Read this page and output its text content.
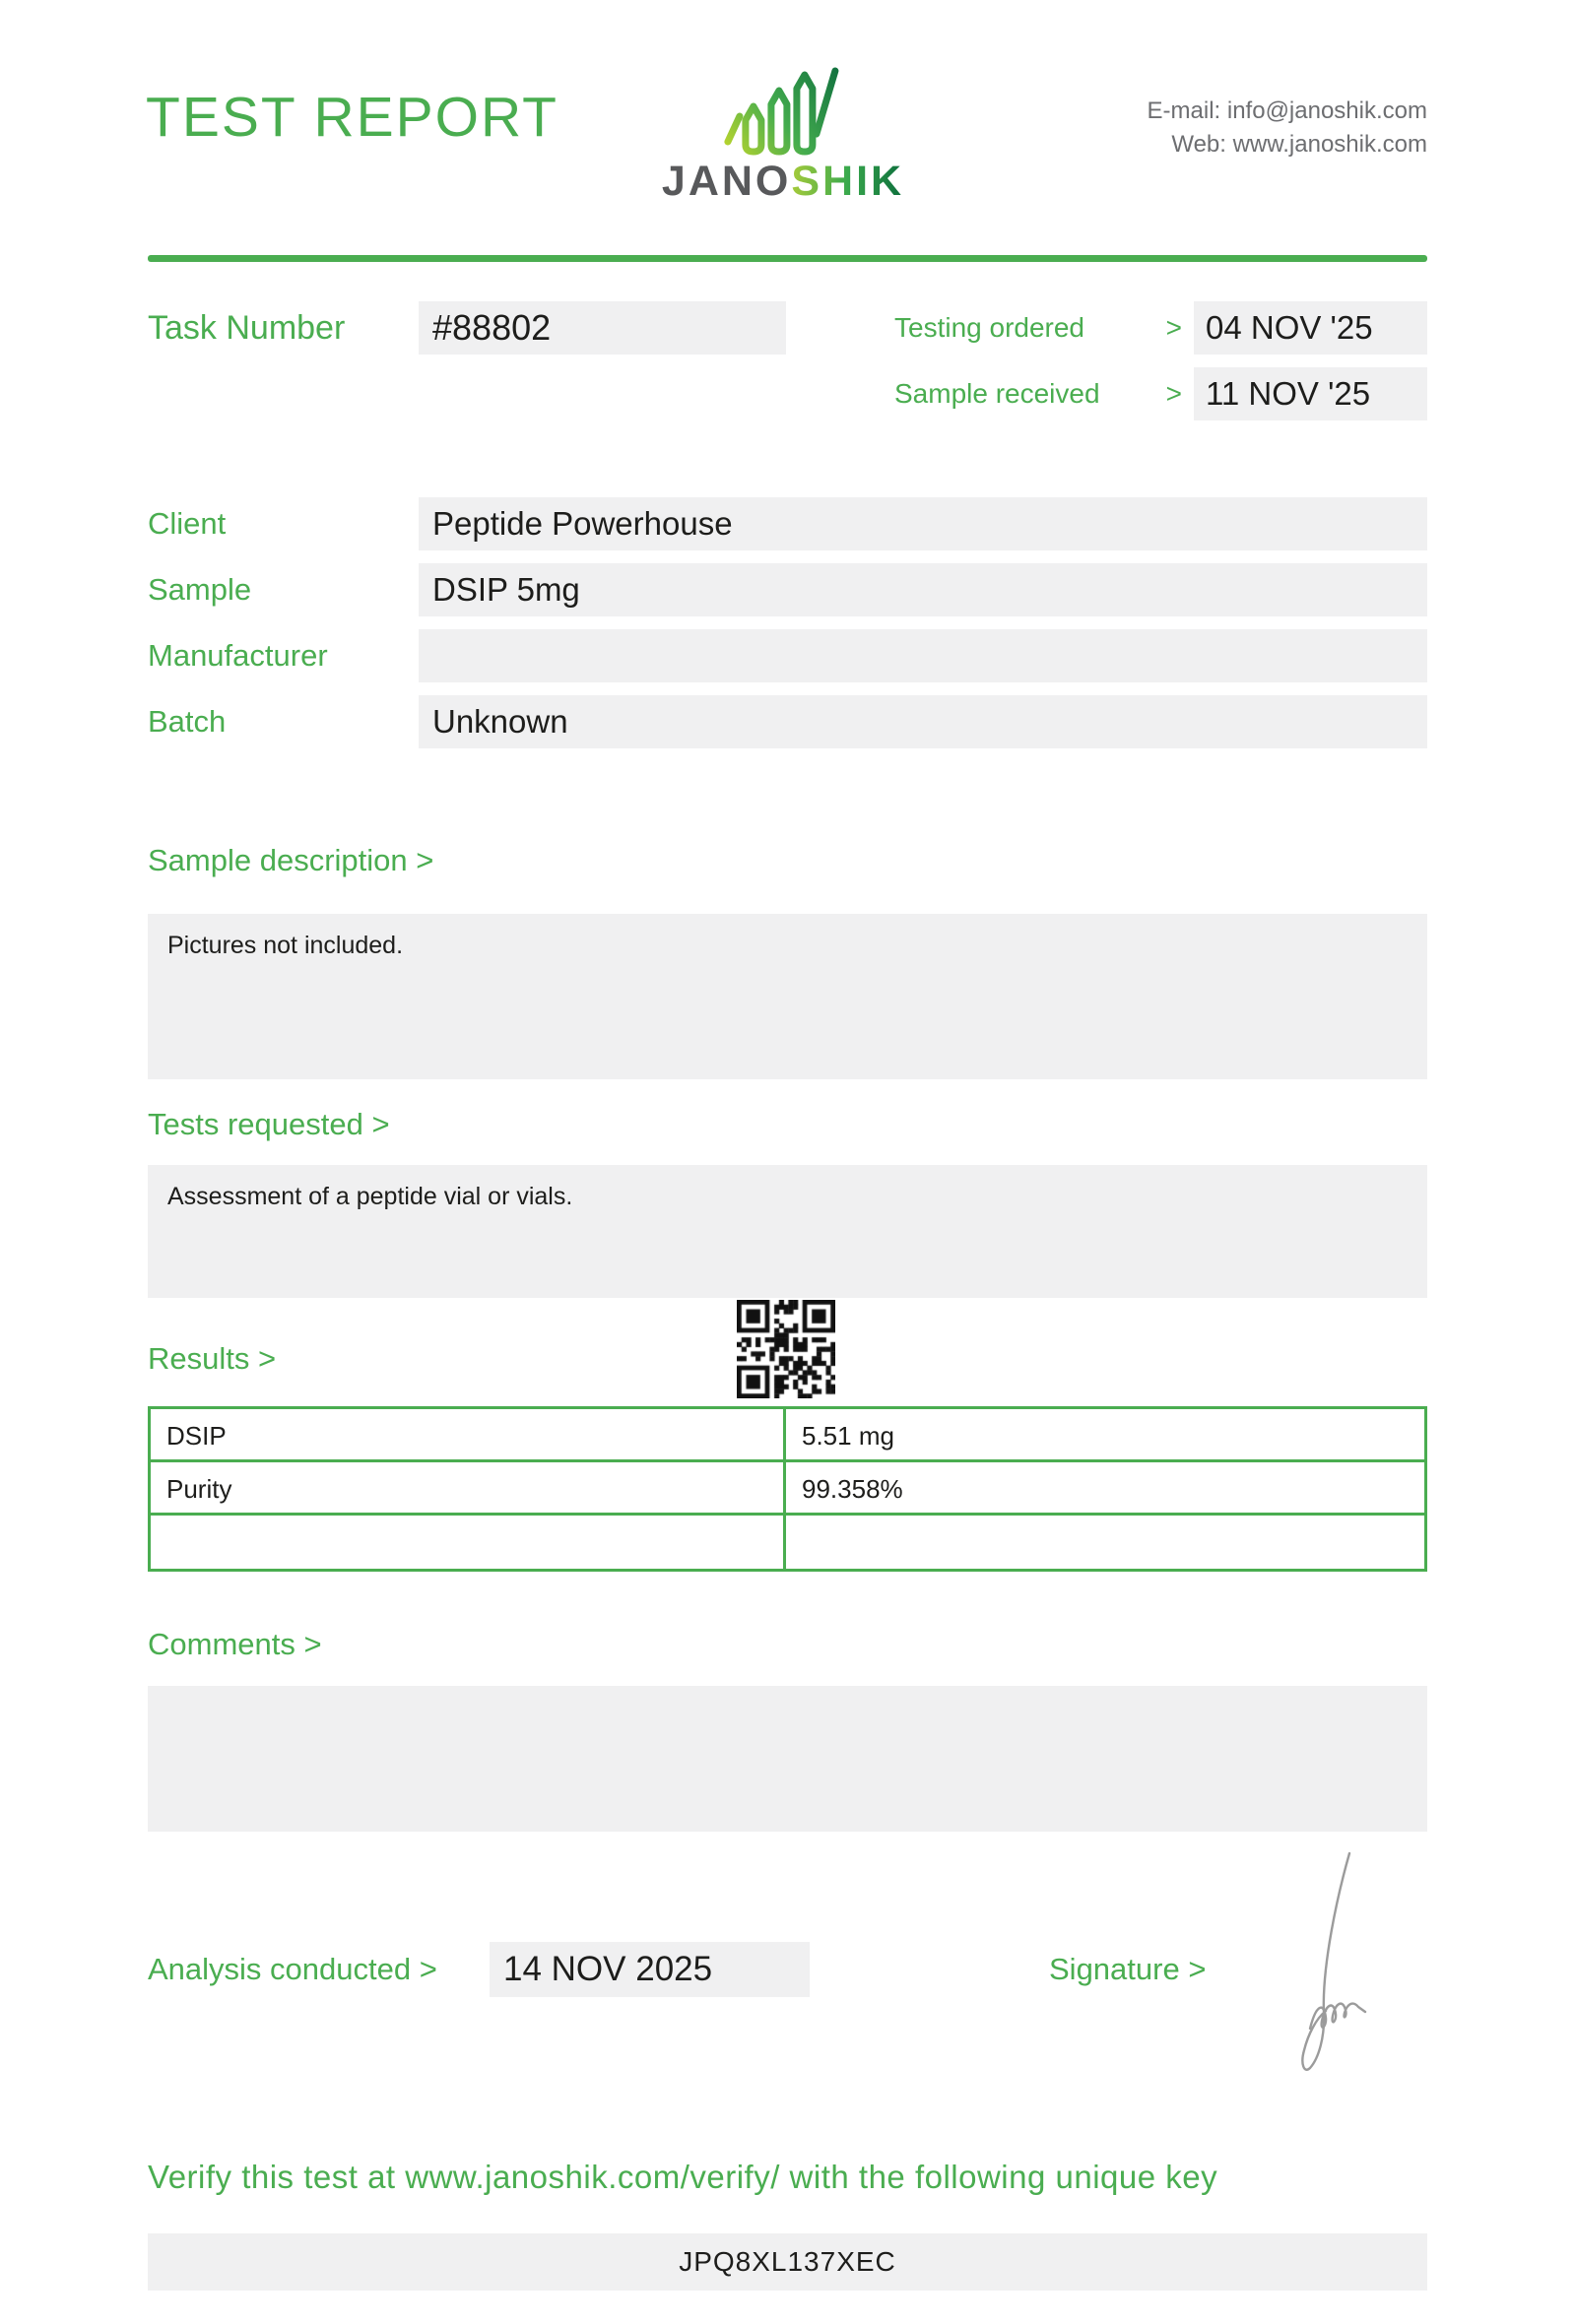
TEST REPORT
JANOSHIK
E-mail: info@janoshik.com
Web: www.janoshik.com
Task Number	#88802	Testing ordered	> 04 NOV '25
Sample received > 11 NOV '25
Client	Peptide Powerhouse
Sample	DSIP 5mg
Manufacturer
Batch	Unknown
Sample description >
Pictures not included.
Tests requested >
Assessment of a peptide vial or vials.
Results >
DSIP	5.51 mg
Purity	99.358%
Comments >
Analysis conducted >	14 NOV 2025	Signature >
Verify this test at www.janoshik.com/verify/ with the following unique key
JPQ8XL137XEC
